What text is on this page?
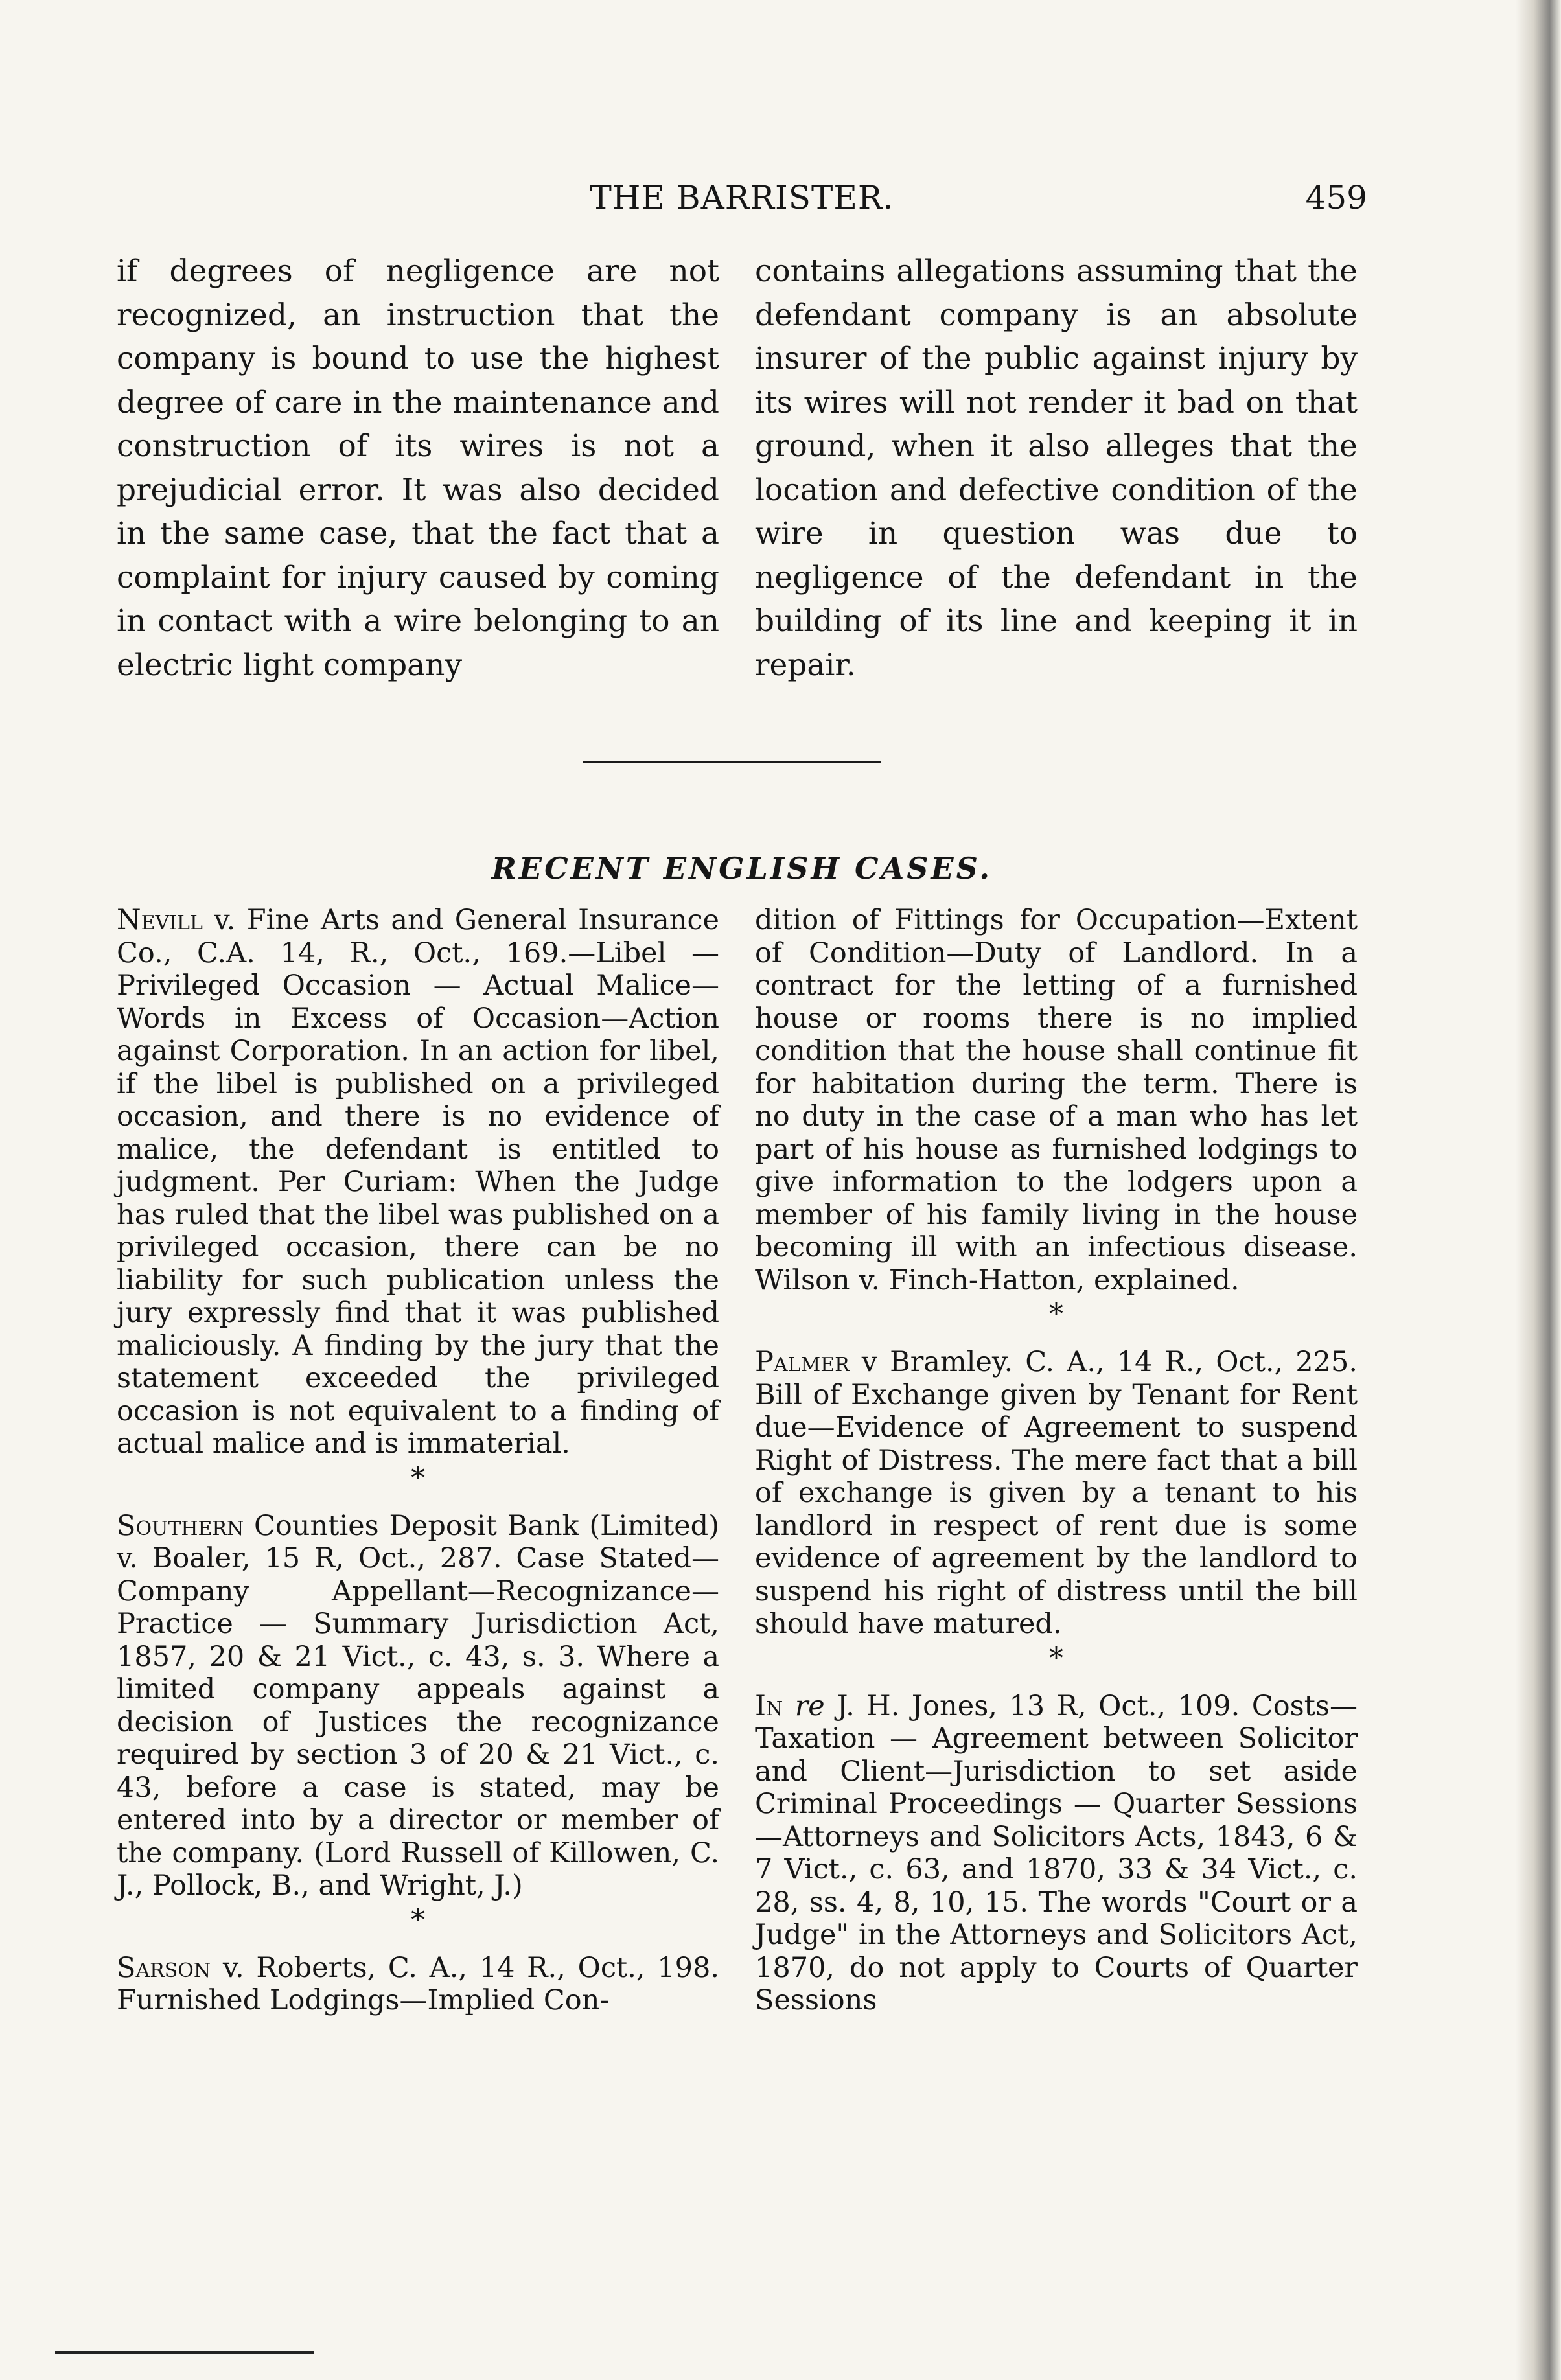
THE BARRISTER.	459
if degrees of negligence are not recognized, an instruction that the company is bound to use the highest degree of care in the maintenance and construction of its wires is not a prejudicial error. It was also decided in the same case, that the fact that a complaint for injury caused by coming in contact with a wire belonging to an electric light company
contains allegations assuming that the defendant company is an absolute insurer of the public against injury by its wires will not render it bad on that ground, when it also alleges that the location and defective condition of the wire in question was due to negligence of the defendant in the building of its line and keeping it in repair.
RECENT ENGLISH CASES.

Nevill v. Fine Arts and General Insurance Co., C.A. 14, R., Oct., 169.—Libel — Privileged Occasion — Actual Malice—Words in Excess of Occasion—Action against Corporation. In an action for libel, if the libel is published on a privileged occasion, and there is no evidence of malice, the defendant is entitled to judgment. Per Curiam: When the Judge has ruled that the libel was published on a privileged occasion, there can be no liability for such publication unless the jury expressly find that it was published maliciously. A finding by the jury that the statement exceeded the privileged occasion is not equivalent to a finding of actual malice and is immaterial.

*

Southern Counties Deposit Bank (Limited) v. Boaler, 15 R, Oct., 287. Case Stated—Company Appellant—Recognizance—Practice — Summary Jurisdiction Act, 1857, 20 & 21 Vict., c. 43, s. 3. Where a limited company appeals against a decision of Justices the recognizance required by section 3 of 20 & 21 Vict., c. 43, before a case is stated, may be entered into by a director or member of the company. (Lord Russell of Killowen, C. J., Pollock, B., and Wright, J.)

*

Sarson v. Roberts, C. A., 14 R., Oct., 198. Furnished Lodgings—Implied Con-

dition of Fittings for Occupation—Extent of Condition—Duty of Landlord. In a contract for the letting of a furnished house or rooms there is no implied condition that the house shall continue fit for habitation during the term. There is no duty in the case of a man who has let part of his house as furnished lodgings to give information to the lodgers upon a member of his family living in the house becoming ill with an infectious disease. Wilson v. Finch-Hatton, explained.

*

Palmer v Bramley. C. A., 14 R., Oct., 225. Bill of Exchange given by Tenant for Rent due—Evidence of Agreement to suspend Right of Distress. The mere fact that a bill of exchange is given by a tenant to his landlord in respect of rent due is some evidence of agreement by the landlord to suspend his right of distress until the bill should have matured.

*

In re J. H. Jones, 13 R, Oct., 109. Costs—Taxation — Agreement between Solicitor and Client—Jurisdiction to set aside Criminal Proceedings — Quarter Sessions—Attorneys and Solicitors Acts, 1843, 6 & 7 Vict., c. 63, and 1870, 33 & 34 Vict., c. 28, ss. 4, 8, 10, 15. The words "Court or a Judge" in the Attorneys and Solicitors Act, 1870, do not apply to Courts of Quarter Sessions
